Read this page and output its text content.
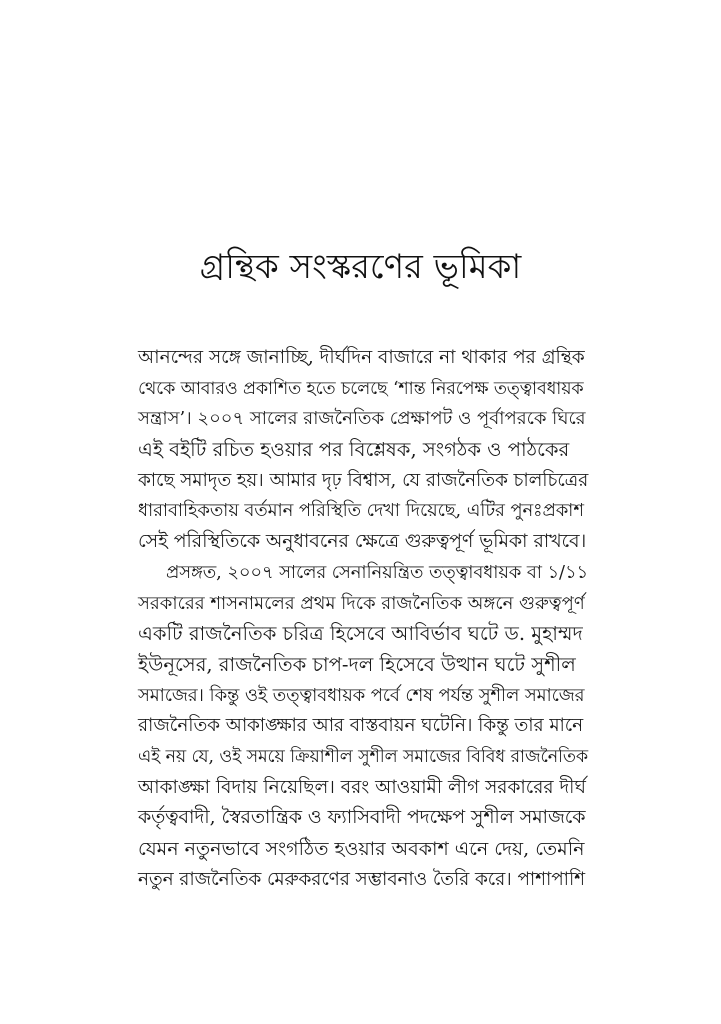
গ্রন্থিক সংস্করণের ভূমিকা
আনন্দের সঙ্গে জানাচ্ছি, দীর্ঘদিন বাজারে না থাকার পর গ্রন্থিক
থেকে আবারও প্রকাশিত হতে চলেছে ‘শান্ত নিরপেক্ষ তত্ত্বাবধায়ক
সন্ত্রাস’। ২০০৭ সালের রাজনৈতিক প্রেক্ষাপট ও পূর্বাপরকে ঘিরে
এই বইটি রচিত হওয়ার পর বিশ্লেষক, সংগঠক ও পাঠকের
কাছে সমাদৃত হয়। আমার দৃঢ় বিশ্বাস, যে রাজনৈতিক চালচিত্রের
ধারাবাহিকতায় বর্তমান পরিস্থিতি দেখা দিয়েছে, এটির পুনঃপ্রকাশ
সেই পরিস্থিতিকে অনুধাবনের ক্ষেত্রে গুরুত্বপূর্ণ ভূমিকা রাখবে।
প্রসঙ্গত, ২০০৭ সালের সেনানিয়ন্ত্রিত তত্ত্বাবধায়ক বা ১/১১
সরকারের শাসনামলের প্রথম দিকে রাজনৈতিক অঙ্গনে গুরুত্বপূর্ণ
একটি রাজনৈতিক চরিত্র হিসেবে আবির্ভাব ঘটে ড. মুহাম্মদ
ইউনূসের, রাজনৈতিক চাপ-দল হিসেবে উত্থান ঘটে সুশীল
সমাজের। কিন্তু ওই তত্ত্বাবধায়ক পর্বে শেষ পর্যন্ত সুশীল সমাজের
রাজনৈতিক আকাঙ্ক্ষার আর বাস্তবায়ন ঘটেনি। কিন্তু তার মানে
এই নয় যে, ওই সময়ে ক্রিয়াশীল সুশীল সমাজের বিবিধ রাজনৈতিক
আকাঙ্ক্ষা বিদায় নিয়েছিল। বরং আওয়ামী লীগ সরকারের দীর্ঘ
কর্তৃত্ববাদী, স্বৈরতান্ত্রিক ও ফ্যাসিবাদী পদক্ষেপ সুশীল সমাজকে
যেমন নতুনভাবে সংগঠিত হওয়ার অবকাশ এনে দেয়, তেমনি
নতুন রাজনৈতিক মেরুকরণের সম্ভাবনাও তৈরি করে। পাশাপাশি
